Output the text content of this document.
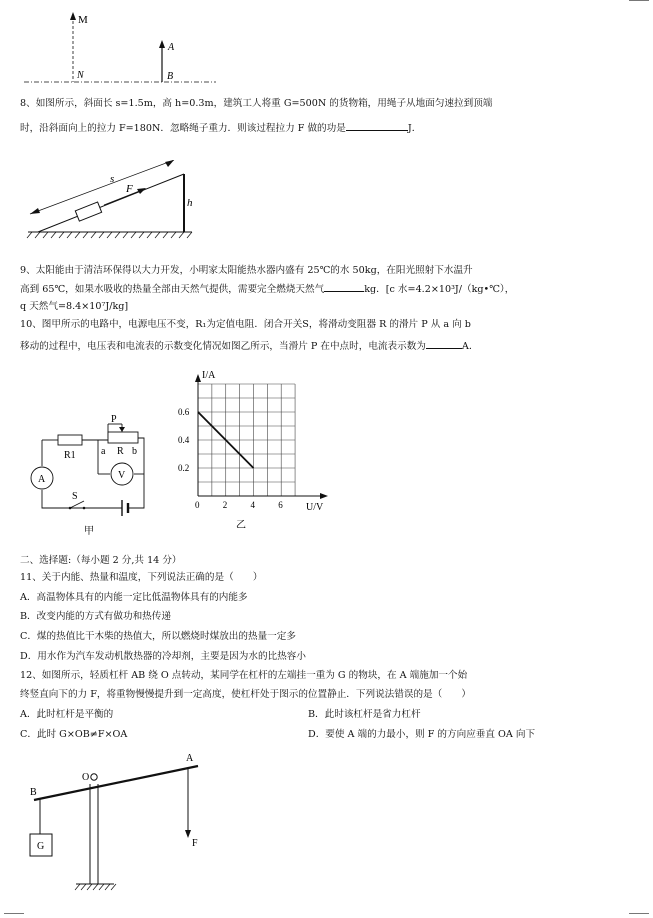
M
N
A
B
8、如图所示，斜面长 s=1.5m，高 h=0.3m，建筑工人将重 G=500N 的货物箱，用绳子从地面匀速拉到顶端
时，沿斜面向上的拉力 F=180N．忽略绳子重力．则该过程拉力 F 做的功是	J．
s
F
h
9、太阳能由于清洁环保得以大力开发，小明家太阳能热水器内盛有 25℃的水 50kg，在阳光照射下水温升
高到 65℃，如果水吸收的热量全部由天然气提供，需要完全燃烧天然气	kg．[c 水=4.2×10³J/（kg•℃），
q 天然气=8.4×10⁷J/kg]
10、图甲所示的电路中，电源电压不变，R₁为定值电阻．闭合开关S，将滑动变阻器 R 的滑片 P 从 a 向 b
移动的过程中，电压表和电流表的示数变化情况如图乙所示，当滑片 P 在中点时，电流表示数为	A．
P
R1	a R b
A	V
S
甲
I/A
U/V
乙
0	2	4	6
0.2
0.4
0.6
二、选择题:（每小题 2 分,共 14 分）
11、关于内能、热量和温度，下列说法正确的是（　　）
A．高温物体具有的内能一定比低温物体具有的内能多
B．改变内能的方式有做功和热传递
C．煤的热值比干木柴的热值大，所以燃烧时煤放出的热量一定多
D．用水作为汽车发动机散热器的冷却剂，主要是因为水的比热容小
12、如图所示，轻质杠杆 AB 绕 O 点转动，某同学在杠杆的左端挂一重为 G 的物块，在 A 端施加一个始
终竖直向下的力 F，将重物慢慢提升到一定高度，使杠杆处于图示的位置静止．下列说法错误的是（　　）
A．此时杠杆是平衡的	B．此时该杠杆是省力杠杆
C．此时 G×OB≠F×OA	D．要使 A 端的力最小，则 F 的方向应垂直 OA 向下
A
B
O
G	F
